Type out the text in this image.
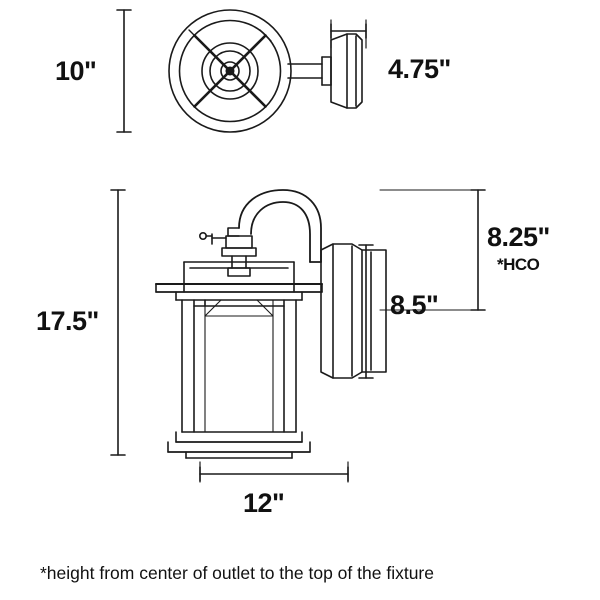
10"	4.75"
8.25"
*HCO
8.5"
17.5"
12"
*height from center of outlet to the top of the fixture
